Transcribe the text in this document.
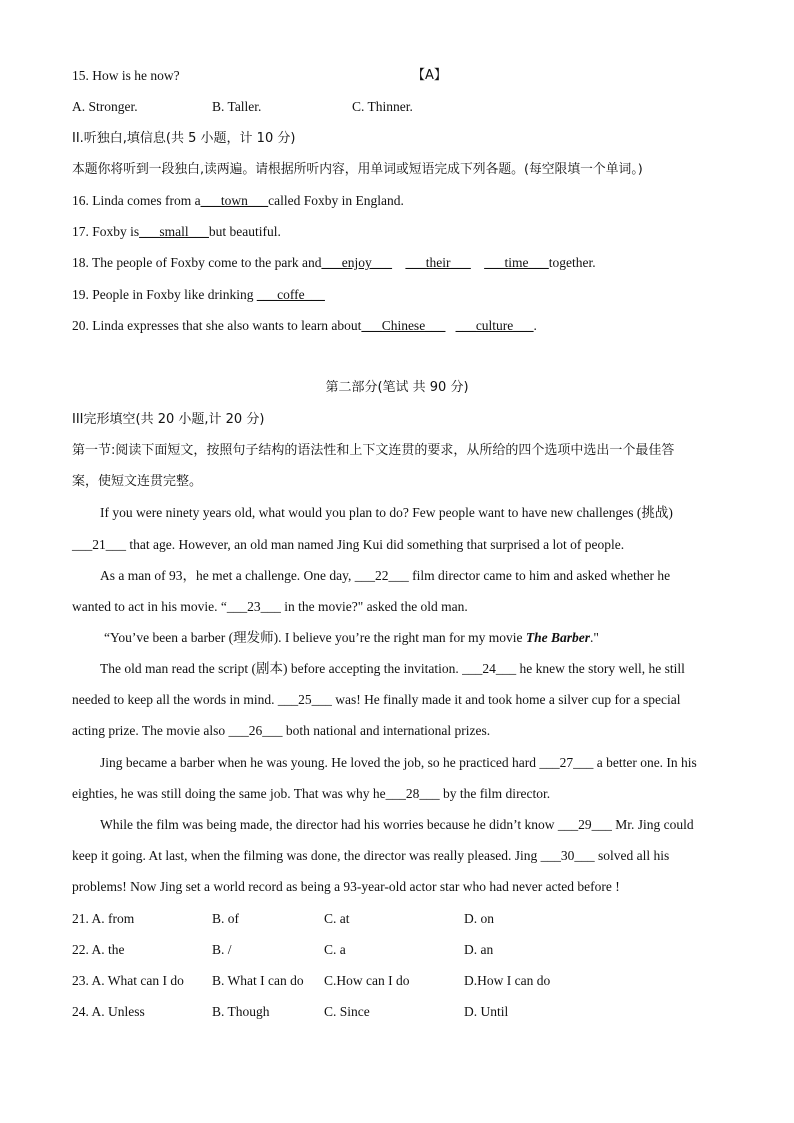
15. How is he now?	【A】
A. Stronger.	B. Taller.	C. Thinner.
II.听独白,填信息(共 5 小题，计 10 分)
本题你将听到一段独白,读两遍。请根据所听内容，用单词或短语完成下列各题。(每空限填一个单词。)
16. Linda comes from a___town___called Foxby in England.
17. Foxby is___small___but beautiful.
18. The people of Foxby come to the park and___enjoy___ ___their___ ___time___together.
19. People in Foxby like drinking ___coffe___
20. Linda expresses that she also wants to learn about___Chinese___ ___culture___.
第二部分(笔试 共 90 分)
III完形填空(共 20 小题,计 20 分)
第一节:阅读下面短文，按照句子结构的语法性和上下文连贯的要求，从所给的四个选项中选出一个最佳答
案，使短文连贯完整。
If you were ninety years old, what would you plan to do? Few people want to have new challenges (挑战)
___21___ that age. However, an old man named Jing Kui did something that surprised a lot of people.
As a man of 93，he met a challenge. One day, ___22___ film director came to him and asked whether he
wanted to act in his movie. “___23___ in the movie?" asked the old man.
“You’ve been a barber (理发师). I believe you’re the right man for my movie The Barber."
The old man read the script (剧本) before accepting the invitation. ___24___ he knew the story well, he still
needed to keep all the words in mind. ___25___ was! He finally made it and took home a silver cup for a special
acting prize. The movie also ___26___ both national and international prizes.
Jing became a barber when he was young. He loved the job, so he practiced hard ___27___ a better one. In his
eighties, he was still doing the same job. That was why he___28___ by the film director.
While the film was being made, the director had his worries because he didn’t know ___29___ Mr. Jing could
keep it going. At last, when the filming was done, the director was really pleased. Jing ___30___ solved all his
problems! Now Jing set a world record as being a 93-year-old actor star who had never acted before !
21. A. from	B. of	C. at	D. on
22. A. the	B. /	C. a	D. an
23. A. What can I do B. What I can do C.How can I do	D.How I can do
24. A. Unless	B. Though	C. Since	D. Until
